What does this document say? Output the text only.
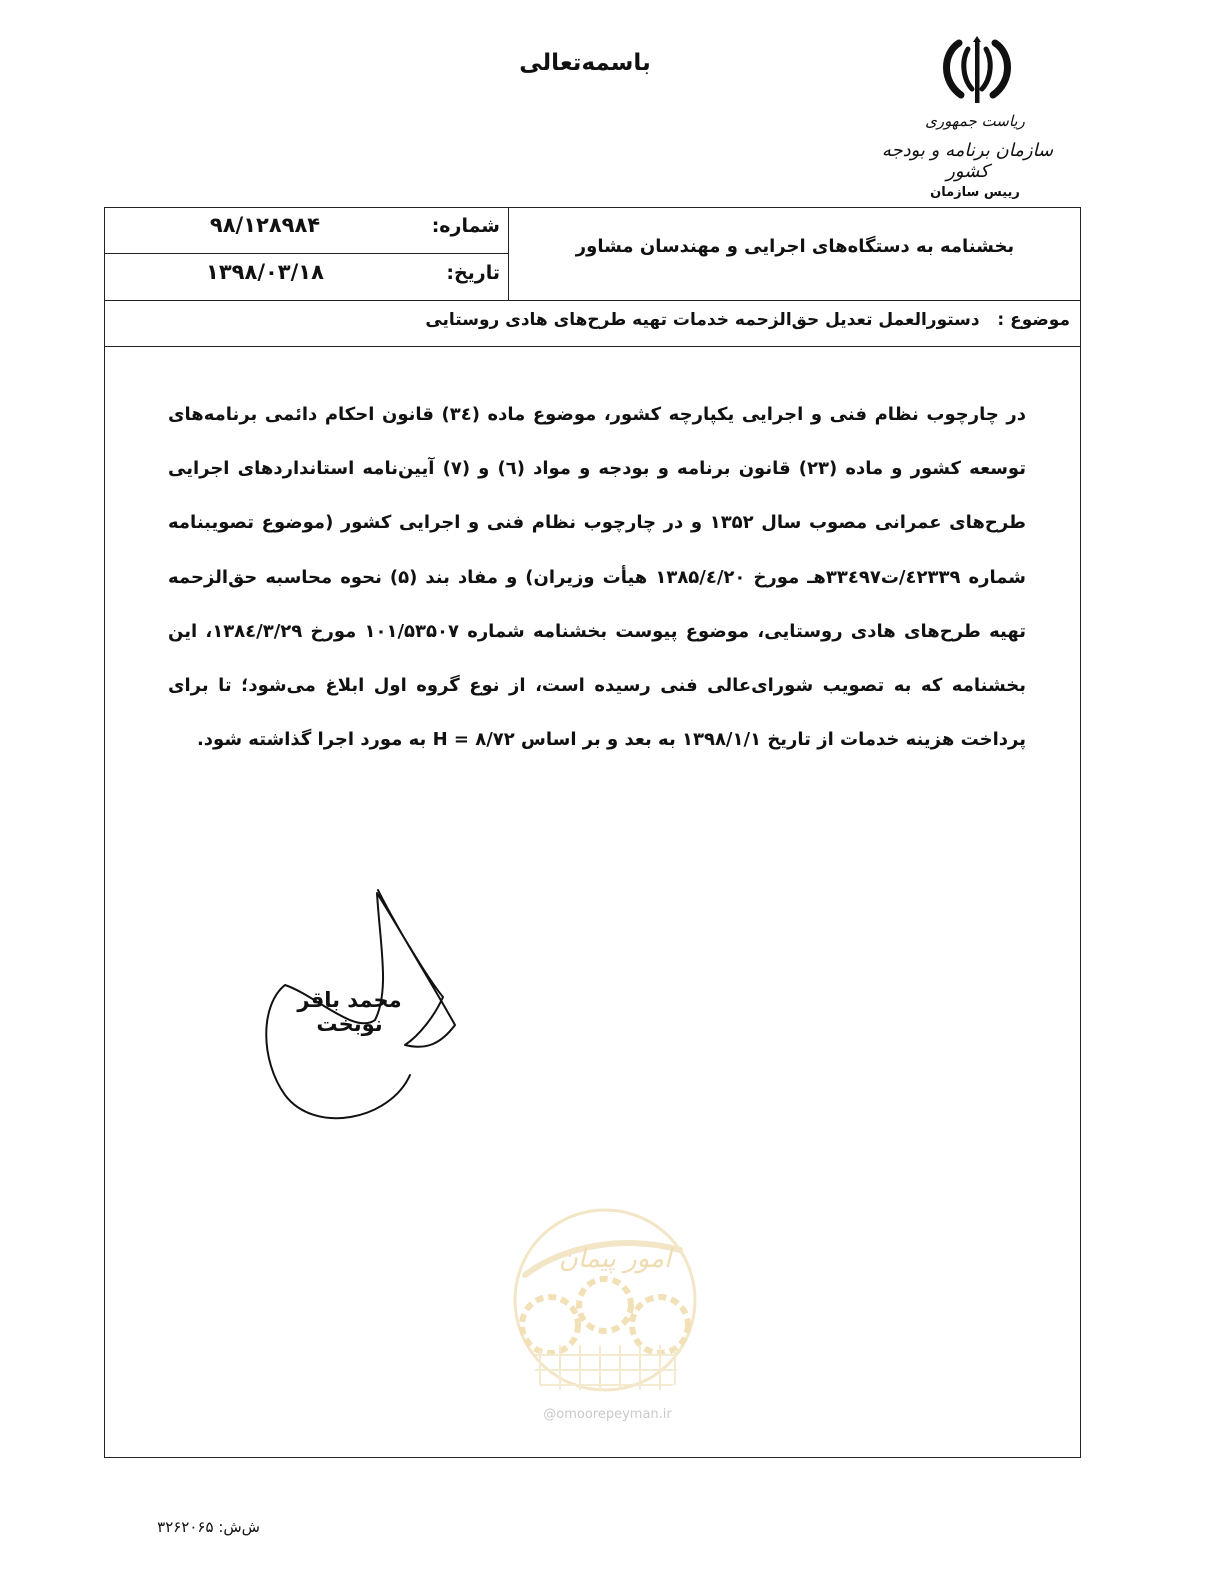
باسمه‌تعالی
ریاست جمهوری
سازمان برنامه و بودجه کشور
رییس سازمان
شماره:
۹۸/۱۲۸۹۸۴
تاریخ:
۱۳۹۸/۰۳/۱۸
بخشنامه به دستگاه‌های اجرایی و مهندسان مشاور
موضوع :   دستورالعمل تعدیل حق‌الزحمه خدمات تهیه طرح‌های هادی روستایی

در چارچوب نظام فنی و اجرایی یکپارچه کشور، موضوع ماده (۳٤) قانون احکام دائمی برنامه‌های توسعه کشور و ماده (۲۳) قانون برنامه و بودجه و مواد (٦) و (۷) آیین‌نامه استانداردهای اجرایی طرح‌های عمرانی مصوب سال ۱۳۵۲ و در چارچوب نظام فنی و اجرایی کشور (موضوع تصویبنامه شماره ٤۲۳۳۹/ت۳۳٤۹۷هـ مورخ ۱۳۸۵/٤/۲۰ هیأت وزیران) و مفاد بند (۵) نحوه محاسبه حق‌الزحمه تهیه طرح‌های هادی روستایی، موضوع پیوست بخشنامه شماره ۱۰۱/۵۳۵۰۷ مورخ ۱۳۸٤/۳/۲۹، این بخشنامه که به تصویب شورای‌عالی فنی رسیده است، از نوع گروه اول ابلاغ می‌شود؛ تا برای پرداخت هزینه خدمات از تاریخ ۱۳۹۸/۱/۱ به بعد و بر اساس H = ۸/۷۲ به مورد اجرا گذاشته شود.

محمد باقر نوبخت
امور پیمان
@omoorepeyman.ir
ش‌ش: ۳۲۶۲۰۶۵
